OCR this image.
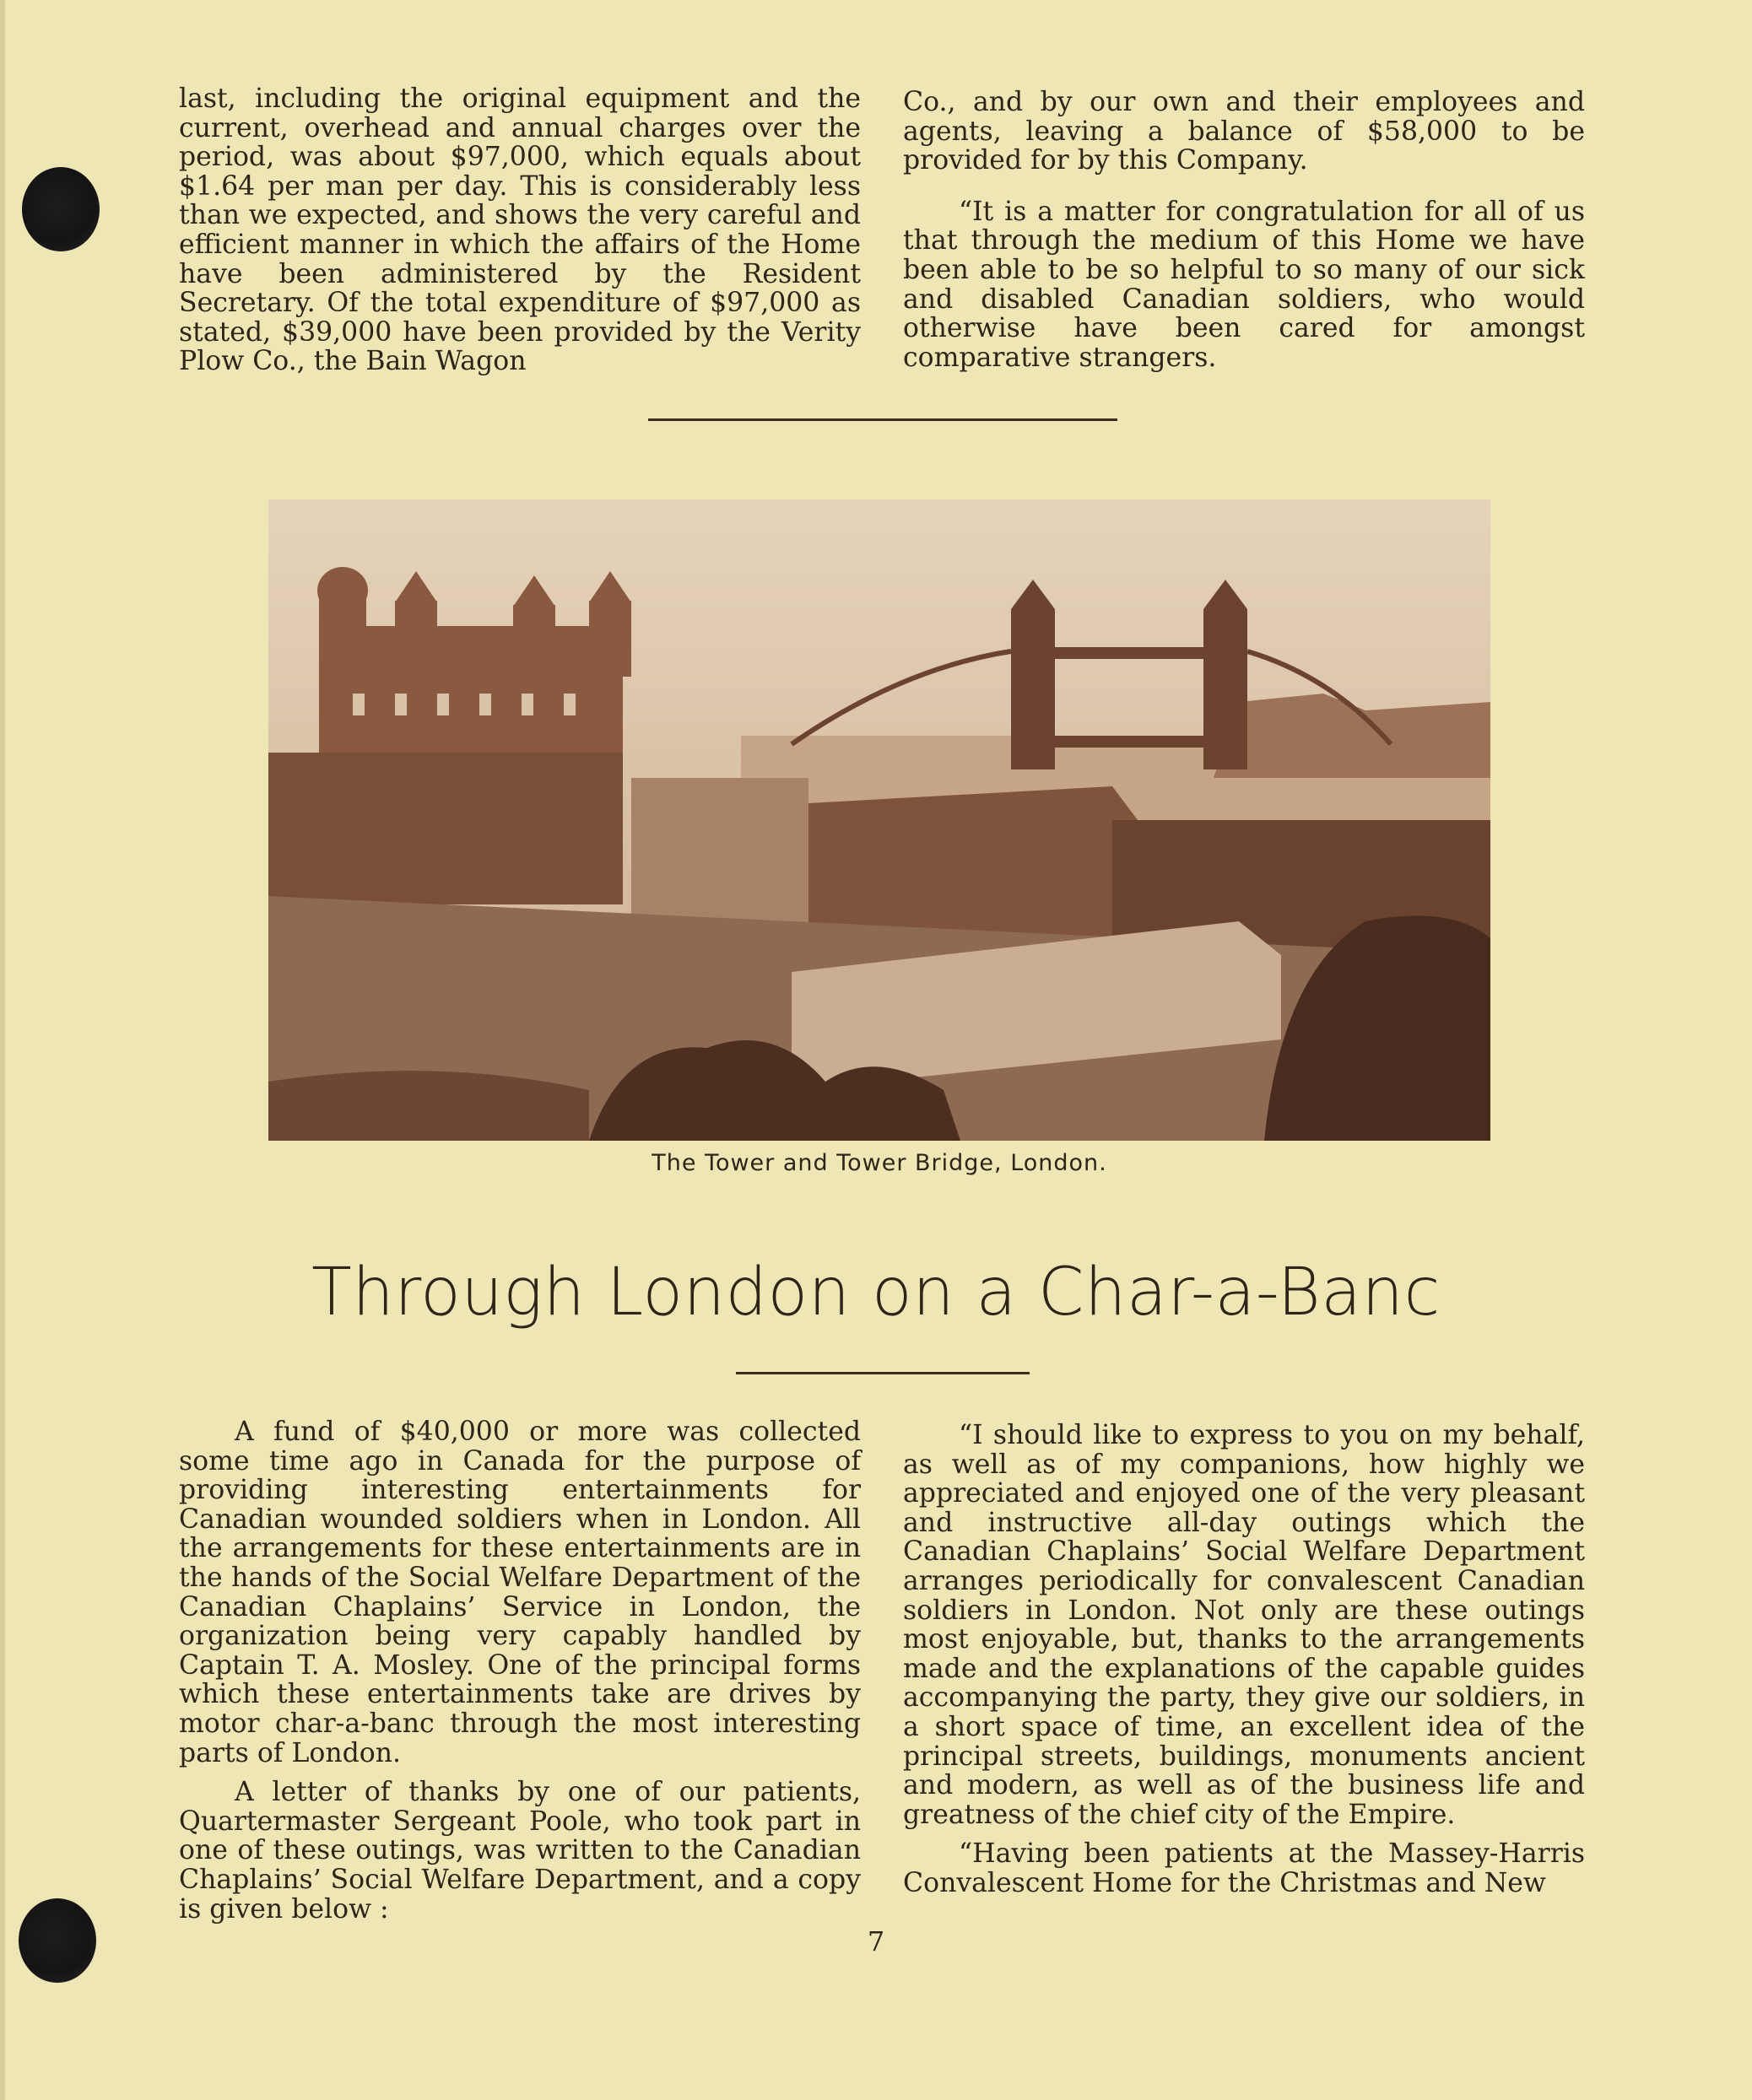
last, including the original equipment and the current, overhead and annual charges over the period, was about $97,000, which equals about $1.64 per man per day. This is considerably less than we expected, and shows the very careful and efficient manner in which the affairs of the Home have been administered by the Resident Secretary. Of the total expenditure of $97,000 as stated, $39,000 have been provided by the Verity Plow Co., the Bain Wagon

Co., and by our own and their employees and agents, leaving a balance of $58,000 to be provided for by this Company.

“It is a matter for congratulation for all of us that through the medium of this Home we have been able to be so helpful to so many of our sick and disabled Canadian soldiers, who would otherwise have been cared for amongst comparative strangers.

The Tower and Tower Bridge, London.
Through London on a Char-a-Banc

A fund of $40,000 or more was collected some time ago in Canada for the purpose of providing interesting entertainments for Canadian wounded soldiers when in London. All the arrangements for these entertainments are in the hands of the Social Welfare Department of the Canadian Chaplains’ Service in London, the organization being very capably handled by Captain T. A. Mosley. One of the principal forms which these entertainments take are drives by motor char-a-banc through the most interesting parts of London.

A letter of thanks by one of our patients, Quartermaster Sergeant Poole, who took part in one of these outings, was written to the Canadian Chaplains’ Social Welfare Department, and a copy is given below :

“I should like to express to you on my behalf, as well as of my companions, how highly we appreciated and enjoyed one of the very pleasant and instructive all-day outings which the Canadian Chaplains’ Social Welfare Department arranges periodically for convalescent Canadian soldiers in London. Not only are these outings most enjoyable, but, thanks to the arrangements made and the explanations of the capable guides accompanying the party, they give our soldiers, in a short space of time, an excellent idea of the principal streets, buildings, monuments ancient and modern, as well as of the business life and greatness of the chief city of the Empire.

“Having been patients at the Massey-Harris Convalescent Home for the Christmas and New

7
